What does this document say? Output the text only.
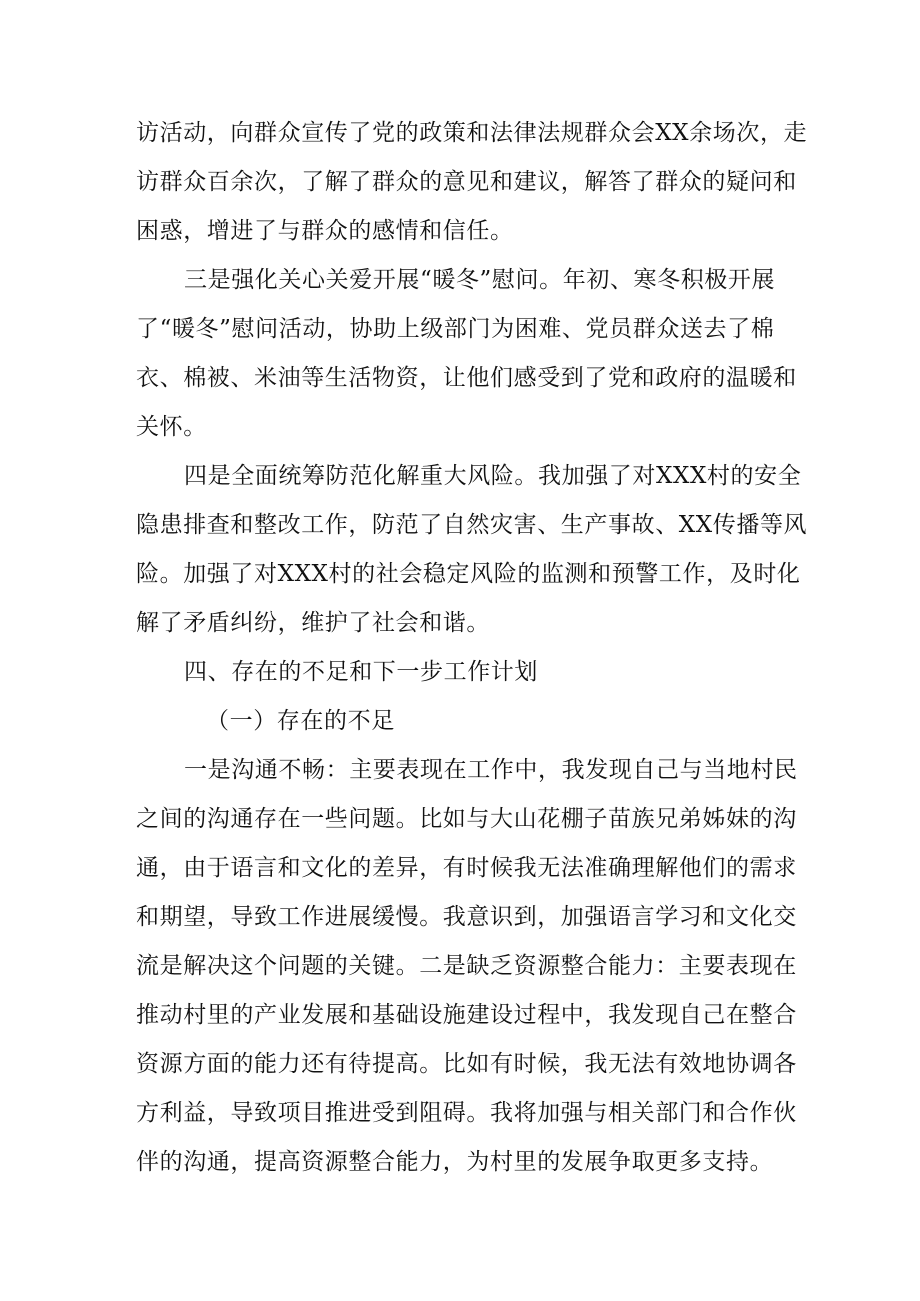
访活动，向群众宣传了党的政策和法律法规群众会XX余场次，走
访群众百余次，了解了群众的意见和建议，解答了群众的疑问和
困惑，增进了与群众的感情和信任。
三是强化关心关爱开展“暖冬”慰问。年初、寒冬积极开展
了“暖冬”慰问活动，协助上级部门为困难、党员群众送去了棉
衣、棉被、米油等生活物资，让他们感受到了党和政府的温暖和
关怀。
四是全面统筹防范化解重大风险。我加强了对XXX村的安全
隐患排查和整改工作，防范了自然灾害、生产事故、XX传播等风
险。加强了对XXX村的社会稳定风险的监测和预警工作，及时化
解了矛盾纠纷，维护了社会和谐。
四、存在的不足和下一步工作计划
（一）存在的不足
一是沟通不畅：主要表现在工作中，我发现自己与当地村民
之间的沟通存在一些问题。比如与大山花棚子苗族兄弟姊妹的沟
通，由于语言和文化的差异，有时候我无法准确理解他们的需求
和期望，导致工作进展缓慢。我意识到，加强语言学习和文化交
流是解决这个问题的关键。二是缺乏资源整合能力：主要表现在
推动村里的产业发展和基础设施建设过程中，我发现自己在整合
资源方面的能力还有待提高。比如有时候，我无法有效地协调各
方利益，导致项目推进受到阻碍。我将加强与相关部门和合作伙
伴的沟通，提高资源整合能力，为村里的发展争取更多支持。
